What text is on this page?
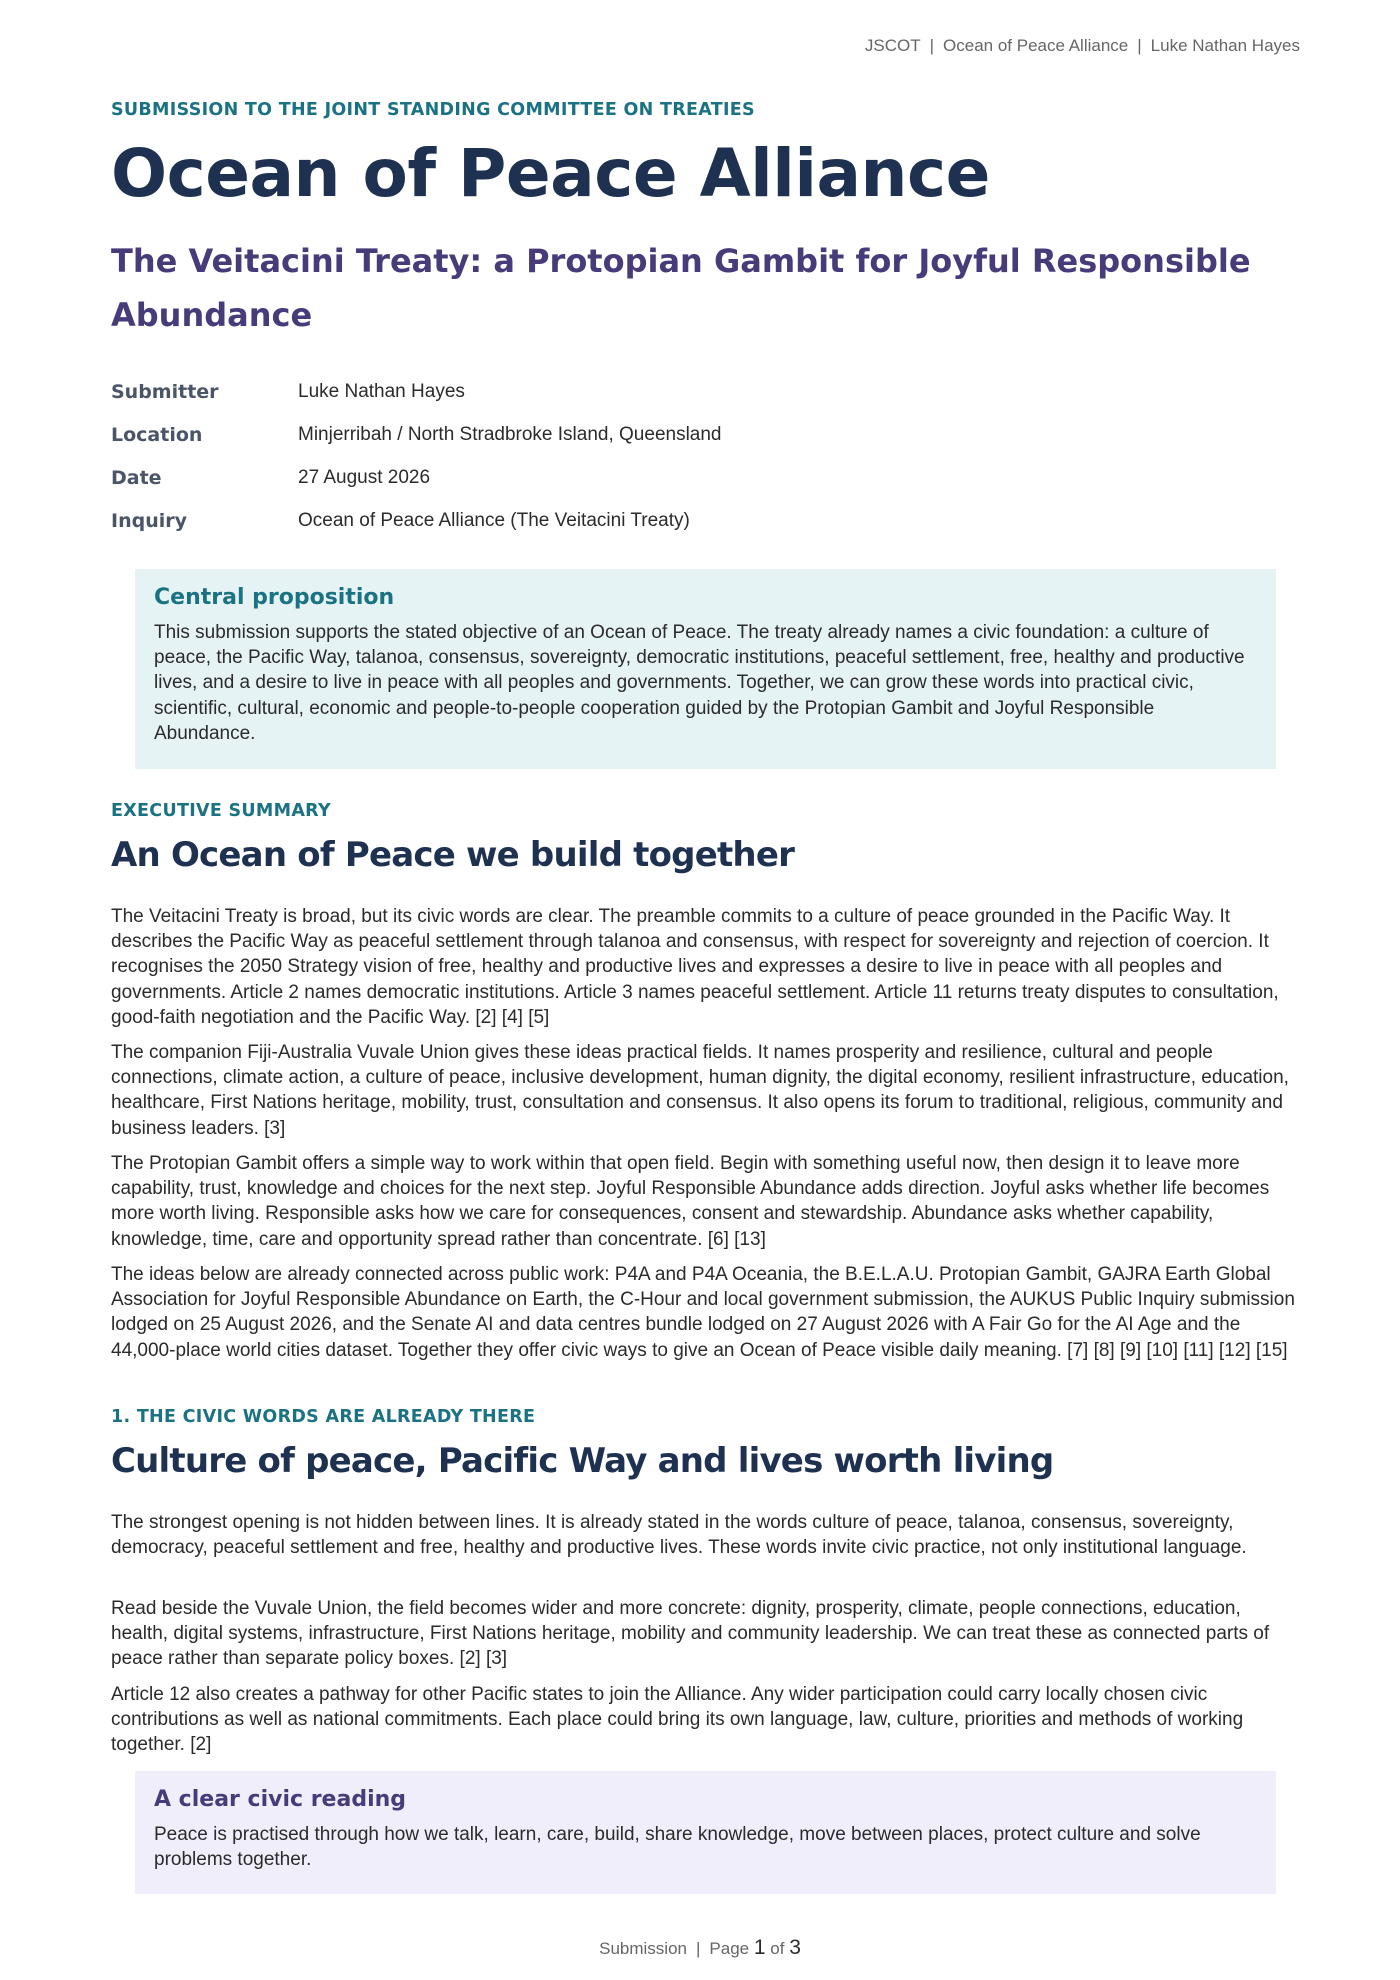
JSCOT | Ocean of Peace Alliance | Luke Nathan Hayes
SUBMISSION TO THE JOINT STANDING COMMITTEE ON TREATIES
Ocean of Peace Alliance
The Veitacini Treaty: a Protopian Gambit for Joyful Responsible Abundance
Submitter	Luke Nathan Hayes
Location	Minjerribah / North Stradbroke Island, Queensland
Date	27 August 2026
Inquiry	Ocean of Peace Alliance (The Veitacini Treaty)
Central proposition

This submission supports the stated objective of an Ocean of Peace. The treaty already names a civic foundation: a culture of peace, the Pacific Way, talanoa, consensus, sovereignty, democratic institutions, peaceful settlement, free, healthy and productive lives, and a desire to live in peace with all peoples and governments. Together, we can grow these words into practical civic, scientific, cultural, economic and people-to-people cooperation guided by the Protopian Gambit and Joyful Responsible Abundance.

EXECUTIVE SUMMARY
An Ocean of Peace we build together

The Veitacini Treaty is broad, but its civic words are clear. The preamble commits to a culture of peace grounded in the Pacific Way. It describes the Pacific Way as peaceful settlement through talanoa and consensus, with respect for sovereignty and rejection of coercion. It recognises the 2050 Strategy vision of free, healthy and productive lives and expresses a desire to live in peace with all peoples and governments. Article 2 names democratic institutions. Article 3 names peaceful settlement. Article 11 returns treaty disputes to consultation, good-faith negotiation and the Pacific Way. [2] [4] [5]

The companion Fiji-Australia Vuvale Union gives these ideas practical fields. It names prosperity and resilience, cultural and people connections, climate action, a culture of peace, inclusive development, human dignity, the digital economy, resilient infrastructure, education, healthcare, First Nations heritage, mobility, trust, consultation and consensus. It also opens its forum to traditional, religious, community and business leaders. [3]

The Protopian Gambit offers a simple way to work within that open field. Begin with something useful now, then design it to leave more capability, trust, knowledge and choices for the next step. Joyful Responsible Abundance adds direction. Joyful asks whether life becomes more worth living. Responsible asks how we care for consequences, consent and stewardship. Abundance asks whether capability, knowledge, time, care and opportunity spread rather than concentrate. [6] [13]

The ideas below are already connected across public work: P4A and P4A Oceania, the B.E.L.A.U. Protopian Gambit, GAJRA Earth Global Association for Joyful Responsible Abundance on Earth, the C-Hour and local government submission, the AUKUS Public Inquiry submission lodged on 25 August 2026, and the Senate AI and data centres bundle lodged on 27 August 2026 with A Fair Go for the AI Age and the 44,000-place world cities dataset. Together they offer civic ways to give an Ocean of Peace visible daily meaning. [7] [8] [9] [10] [11] [12] [15]

1. THE CIVIC WORDS ARE ALREADY THERE
Culture of peace, Pacific Way and lives worth living

The strongest opening is not hidden between lines. It is already stated in the words culture of peace, talanoa, consensus, sovereignty, democracy, peaceful settlement and free, healthy and productive lives. These words invite civic practice, not only institutional language.

Read beside the Vuvale Union, the field becomes wider and more concrete: dignity, prosperity, climate, people connections, education, health, digital systems, infrastructure, First Nations heritage, mobility and community leadership. We can treat these as connected parts of peace rather than separate policy boxes. [2] [3]

Article 12 also creates a pathway for other Pacific states to join the Alliance. Any wider participation could carry locally chosen civic contributions as well as national commitments. Each place could bring its own language, law, culture, priorities and methods of working together. [2]

A clear civic reading

Peace is practised through how we talk, learn, care, build, share knowledge, move between places, protect culture and solve problems together.

Submission | Page 1 of 3
